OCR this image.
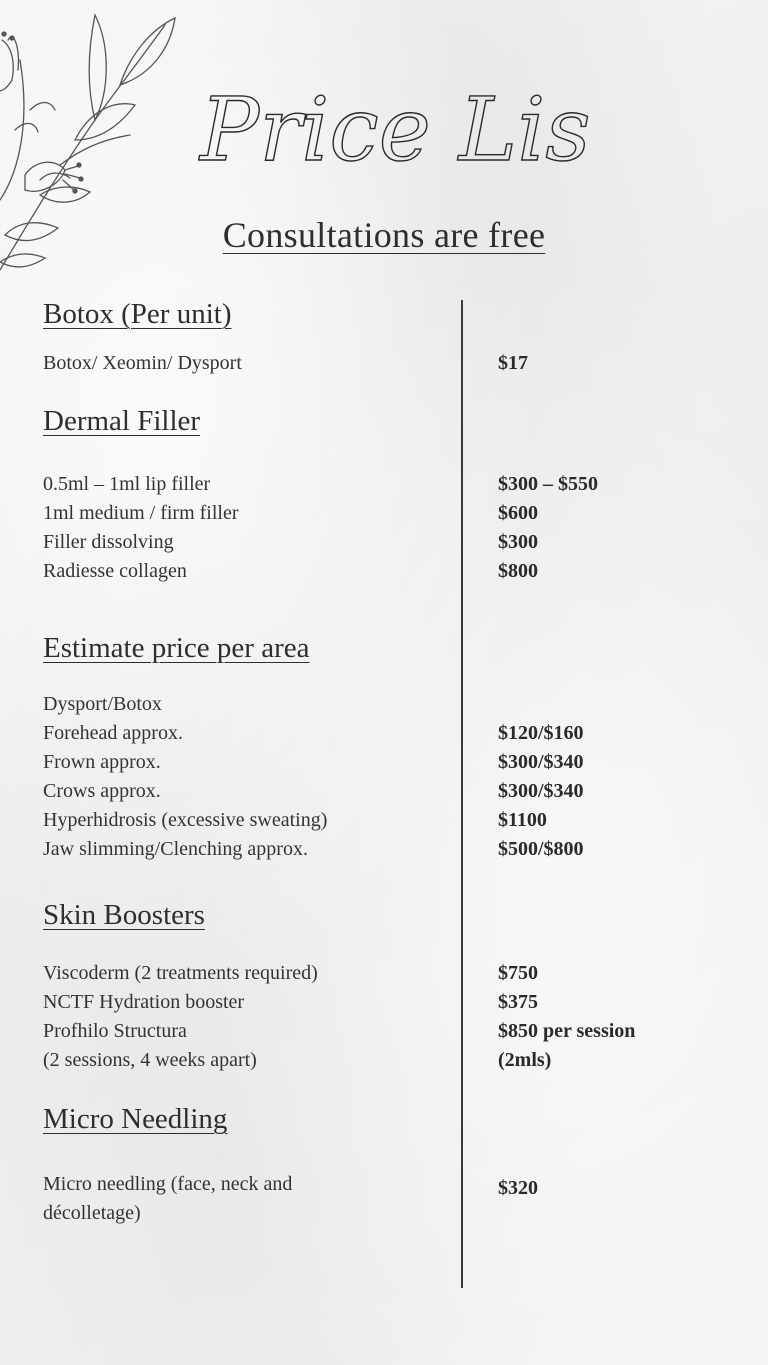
Price List
Consultations are free
Botox (Per unit)
Botox/ Xeomin/ Dysport	$17
Dermal Filler
0.5ml – 1ml lip filler	$300 – $550
1ml medium / firm filler	$600
Filler dissolving	$300
Radiesse collagen	$800
Estimate price per area
Dysport/Botox
Forehead approx.	$120/$160
Frown approx.	$300/$340
Crows approx.	$300/$340
Hyperhidrosis (excessive sweating)	$1100
Jaw slimming/Clenching approx.	$500/$800
Skin Boosters
Viscoderm (2 treatments required)	$750
NCTF Hydration booster	$375
Profhilo Structura	$850 per session
(2 sessions, 4 weeks apart)	(2mls)
Micro Needling
Micro needling (face, neck and
décolletage)
$320
